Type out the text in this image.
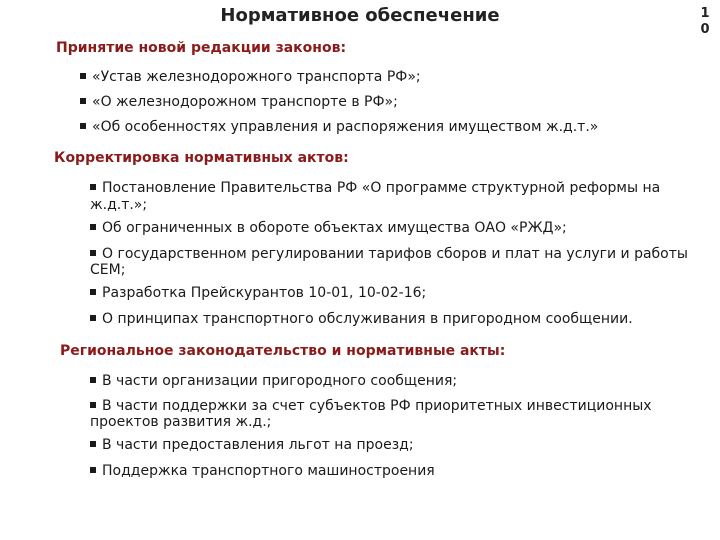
Нормативное обеспечение	1
0
Принятие новой редакции законов:
«Устав железнодорожного транспорта РФ»;
«О железнодорожном транспорте в РФ»;
«Об особенностях управления и распоряжения имуществом ж.д.т.»
Корректировка нормативных актов:
Постановление Правительства РФ «О программе структурной реформы на
ж.д.т.»;
Об ограниченных в обороте объектах имущества ОАО «РЖД»;
О государственном регулировании тарифов сборов и плат на услуги и работы
СЕМ;
Разработка Прейскурантов 10-01, 10-02-16;
О принципах транспортного обслуживания в пригородном сообщении.
Региональное законодательство и нормативные акты:
В части организации пригородного сообщения;
В части поддержки за счет субъектов РФ приоритетных инвестиционных
проектов развития ж.д.;
В части предоставления льгот на проезд;
Поддержка транспортного машиностроения
